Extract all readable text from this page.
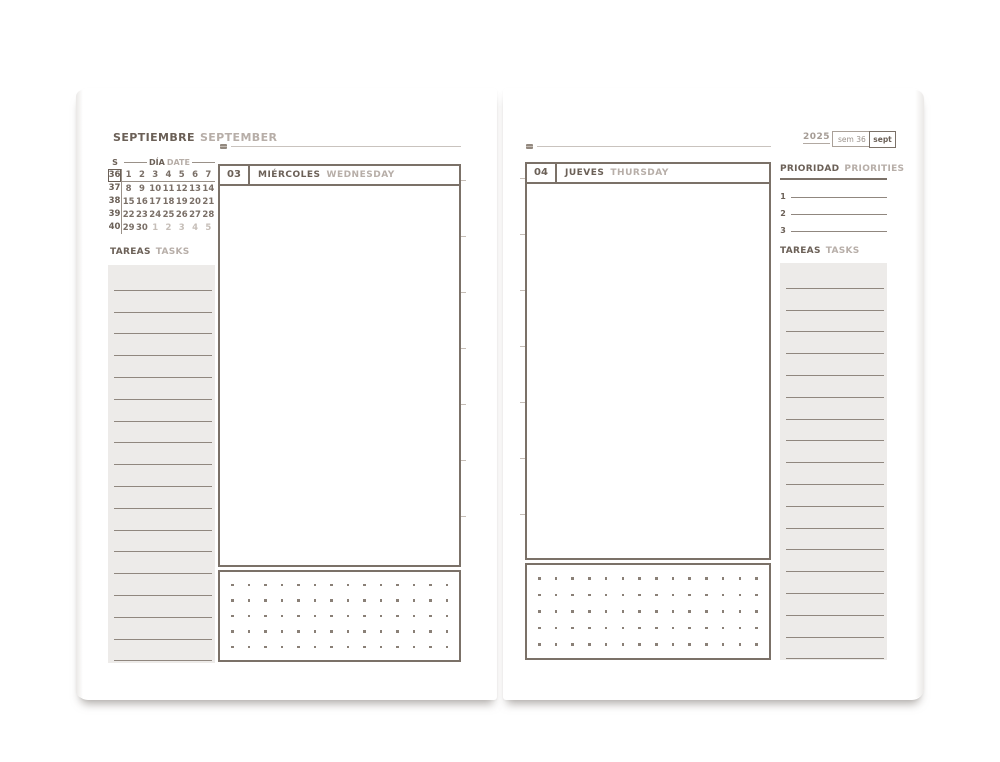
SEPTIEMBRE SEPTEMBER
S	DÍA DATE
36 1 2 3 4 5 6 7
37 8 9 10 11 12 13 14
38 15 16 17 18 19 20 21
39 22 23 24 25 26 27 28
40 29 30 1 2 3 4 5
TAREAS TASKS
03	MIÉRCOLES WEDNESDAY
2025	sem 36	sept
04	JUEVES THURSDAY	PRIORIDAD PRIORITIES
1
2
3
TAREAS TASKS
